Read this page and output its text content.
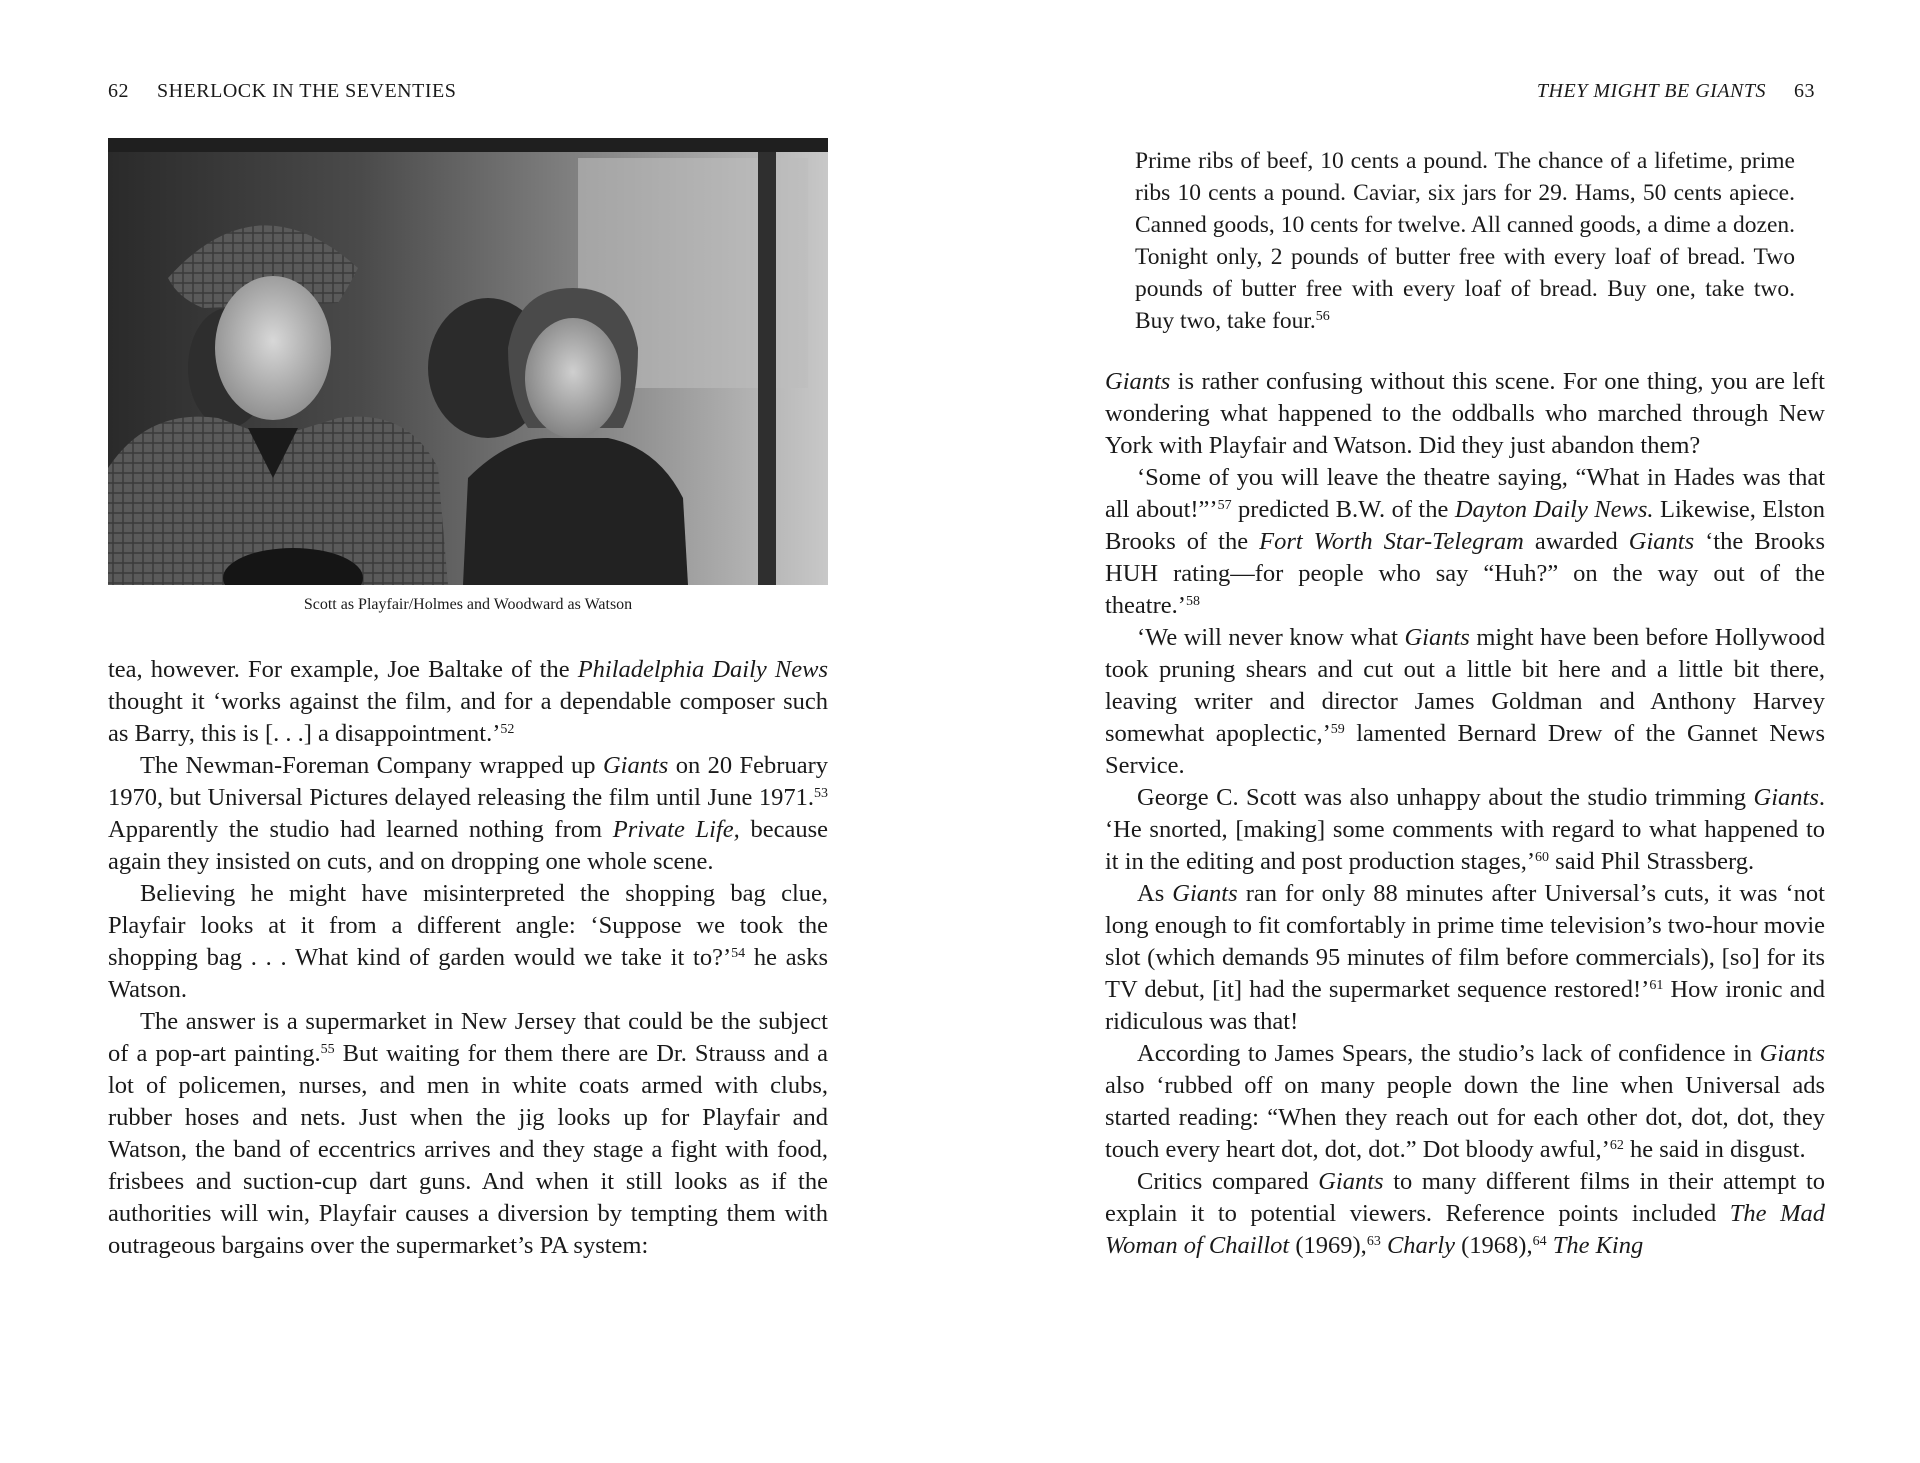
62 SHERLOCK IN THE SEVENTIES
Scott as Playfair/Holmes and Woodward as Watson

tea, however. For example, Joe Baltake of the Philadelphia Daily News thought it ‘works against the film, and for a dependable composer such as Barry, this is [. . .] a disappointment.’$^{52}$

The Newman-Foreman Company wrapped up Giants on 20 February 1970, but Universal Pictures delayed releasing the film until June 1971.53 Apparently the studio had learned nothing from Private Life, because again they insisted on cuts, and on dropping one whole scene.

Believing he might have misinterpreted the shopping bag clue, Playfair looks at it from a different angle: ‘Suppose we took the shopping bag . . . What kind of garden would we take it to?’$^{54}$ he asks Watson.

The answer is a supermarket in New Jersey that could be the subject of a pop-art painting.$^{55}$ But waiting for them there are Dr. Strauss and a lot of policemen, nurses, and men in white coats armed with clubs, rubber hoses and nets. Just when the jig looks up for Playfair and Watson, the band of eccentrics arrives and they stage a fight with food, frisbees and suction-cup dart guns. And when it still looks as if the authorities will win, Playfair causes a diversion by tempting them with outrageous bargains over the supermarket’s PA system:

THEY MIGHT BE GIANTS 63

Prime ribs of beef, 10 cents a pound. The chance of a lifetime, prime ribs 10 cents a pound. Caviar, six jars for 29. Hams, 50 cents apiece. Canned goods, 10 cents for twelve. All canned goods, a dime a dozen. Tonight only, 2 pounds of butter free with every loaf of bread. Two pounds of butter free with every loaf of bread. Buy one, take two. Buy two, take four.$^{56}$

Giants is rather confusing without this scene. For one thing, you are left wondering what happened to the oddballs who marched through New York with Playfair and Watson. Did they just abandon them?

‘Some of you will leave the theatre saying, “What in Hades was that all about!”’$^{57}$ predicted B.W. of the Dayton Daily News. Likewise, Elston Brooks of the Fort Worth Star-Telegram awarded Giants ‘the Brooks HUH rating—for people who say “Huh?” on the way out of the theatre.’$^{58}$

‘We will never know what Giants might have been before Hollywood took pruning shears and cut out a little bit here and a little bit there, leaving writer and director James Goldman and Anthony Harvey somewhat apoplectic,’$^{59}$ lamented Bernard Drew of the Gannet News Service.

George C. Scott was also unhappy about the studio trimming Giants. ‘He snorted, [making] some comments with regard to what happened to it in the editing and post production stages,’$^{60}$ said Phil Strassberg.

As Giants ran for only 88 minutes after Universal’s cuts, it was ‘not long enough to fit comfortably in prime time television’s two-hour movie slot (which demands 95 minutes of film before commercials), [so] for its TV debut, [it] had the supermarket sequence restored!’$^{61}$ How ironic and ridiculous was that!

According to James Spears, the studio’s lack of confidence in Giants also ‘rubbed off on many people down the line when Universal ads started reading: “When they reach out for each other dot, dot, dot, they touch every heart dot, dot, dot.” Dot bloody awful,’$^{62}$ he said in disgust.

Critics compared Giants to many different films in their attempt to explain it to potential viewers. Reference points included The Mad Woman of Chaillot (1969),$^{63}$ Charly (1968),$^{64}$ The King
